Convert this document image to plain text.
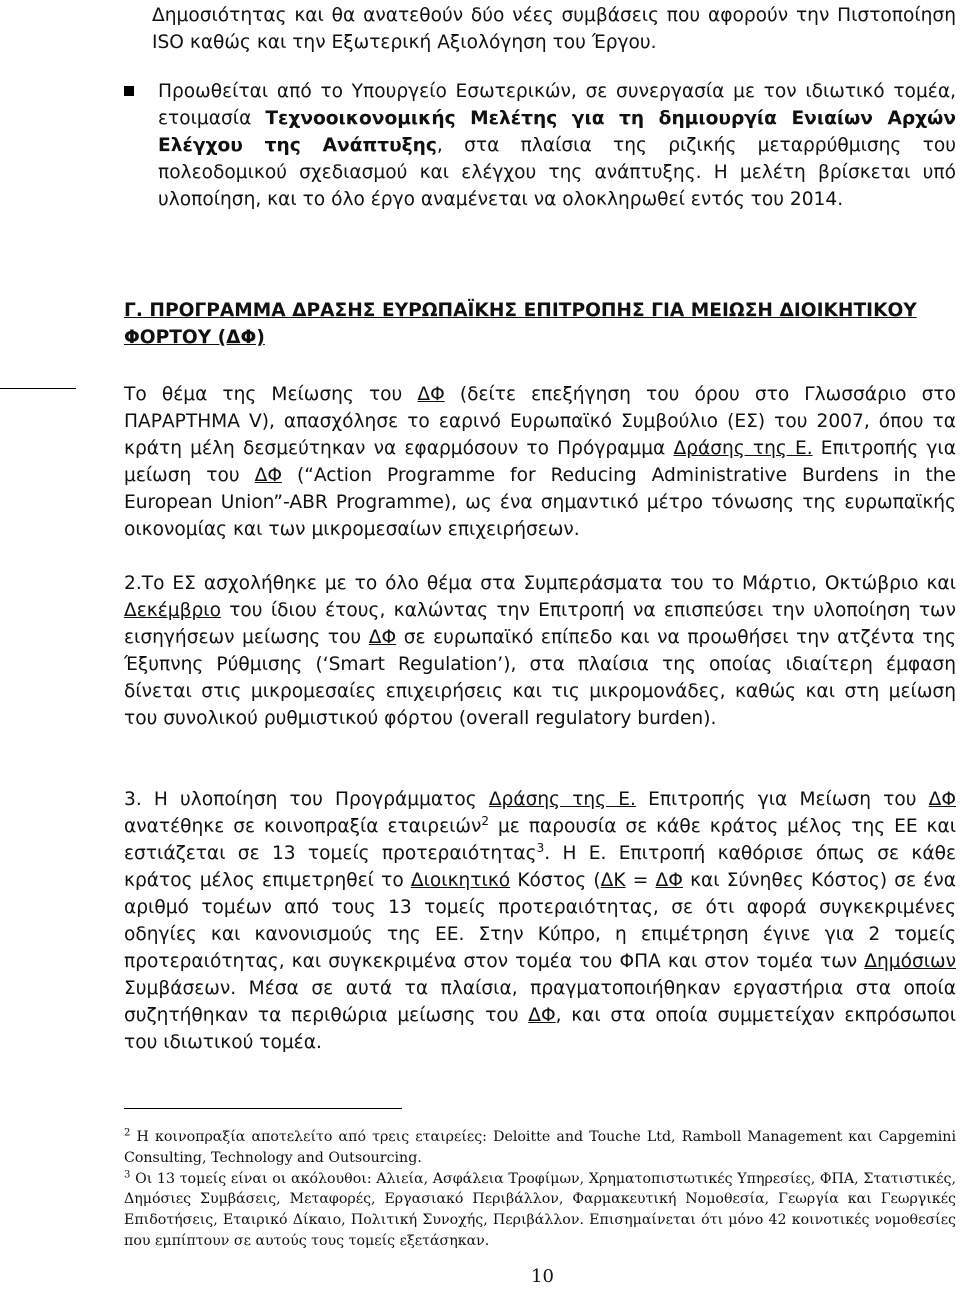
Δημοσιότητας και θα ανατεθούν δύο νέες συμβάσεις που αφορούν την Πιστοποίηση ISO καθώς και την Εξωτερική Αξιολόγηση του Έργου.
Προωθείται από το Υπουργείο Εσωτερικών, σε συνεργασία με τον ιδιωτικό τομέα, ετοιμασία Τεχνοοικονομικής Μελέτης για τη δημιουργία Ενιαίων Αρχών Ελέγχου της Ανάπτυξης, στα πλαίσια της ριζικής μεταρρύθμισης του πολεοδομικού σχεδιασμού και ελέγχου της ανάπτυξης. Η μελέτη βρίσκεται υπό υλοποίηση, και το όλο έργο αναμένεται να ολοκληρωθεί εντός του 2014.
Γ. ΠΡΟΓΡΑΜΜΑ ΔΡΑΣΗΣ ΕΥΡΩΠΑΪΚΗΣ ΕΠΙΤΡΟΠΗΣ ΓΙΑ ΜΕΙΩΣΗ ΔΙΟΙΚΗΤΙΚΟΥ ΦΟΡΤΟΥ (ΔΦ)
Το θέμα της Μείωσης του ΔΦ (δείτε επεξήγηση του όρου στο Γλωσσάριο στο ΠΑΡΑΡΤΗΜΑ V), απασχόλησε το εαρινό Ευρωπαϊκό Συμβούλιο (ΕΣ) του 2007, όπου τα κράτη μέλη δεσμεύτηκαν να εφαρμόσουν το Πρόγραμμα Δράσης της Ε. Επιτροπής για μείωση του ΔΦ (“Action Programme for Reducing Administrative Burdens in the European Union”-ABR Programme), ως ένα σημαντικό μέτρο τόνωσης της ευρωπαϊκής οικονομίας και των μικρομεσαίων επιχειρήσεων.
2.Το ΕΣ ασχολήθηκε με το όλο θέμα στα Συμπεράσματα του το Μάρτιο, Οκτώβριο και Δεκέμβριο του ίδιου έτους, καλώντας την Επιτροπή να επισπεύσει την υλοποίηση των εισηγήσεων μείωσης του ΔΦ σε ευρωπαϊκό επίπεδο και να προωθήσει την ατζέντα της Έξυπνης Ρύθμισης (‘Smart Regulation’), στα πλαίσια της οποίας ιδιαίτερη έμφαση δίνεται στις μικρομεσαίες επιχειρήσεις και τις μικρομονάδες, καθώς και στη μείωση του συνολικού ρυθμιστικού φόρτου (overall regulatory burden).
3. Η υλοποίηση του Προγράμματος Δράσης της Ε. Επιτροπής για Μείωση του ΔΦ ανατέθηκε σε κοινοπραξία εταιρειών$^2$ με παρουσία σε κάθε κράτος μέλος της ΕΕ και εστιάζεται σε 13 τομείς προτεραιότητας$^3$. Η Ε. Επιτροπή καθόρισε όπως σε κάθε κράτος μέλος επιμετρηθεί το Διοικητικό Κόστος (ΔΚ = ΔΦ και Σύνηθες Κόστος) σε ένα αριθμό τομέων από τους 13 τομείς προτεραιότητας, σε ότι αφορά συγκεκριμένες οδηγίες και κανονισμούς της ΕΕ. Στην Κύπρο, η επιμέτρηση έγινε για 2 τομείς προτεραιότητας, και συγκεκριμένα στον τομέα του ΦΠΑ και στον τομέα των Δημόσιων Συμβάσεων. Μέσα σε αυτά τα πλαίσια, πραγματοποιήθηκαν εργαστήρια στα οποία συζητήθηκαν τα περιθώρια μείωσης του ΔΦ, και στα οποία συμμετείχαν εκπρόσωποι του ιδιωτικού τομέα.
$^2$ Η κοινοπραξία αποτελείτο από τρεις εταιρείες: Deloitte and Touche Ltd, Ramboll Management και Capgemini Consulting, Technology and Outsourcing.
$^3$ Οι 13 τομείς είναι οι ακόλουθοι: Αλιεία, Ασφάλεια Τροφίμων, Χρηματοπιστωτικές Υπηρεσίες, ΦΠΑ, Στατιστικές, Δημόσιες Συμβάσεις, Μεταφορές, Εργασιακό Περιβάλλον, Φαρμακευτική Νομοθεσία, Γεωργία και Γεωργικές Επιδοτήσεις, Εταιρικό Δίκαιο, Πολιτική Συνοχής, Περιβάλλον. Επισημαίνεται ότι μόνο 42 κοινοτικές νομοθεσίες που εμπίπτουν σε αυτούς τους τομείς εξετάσηκαν.
10
